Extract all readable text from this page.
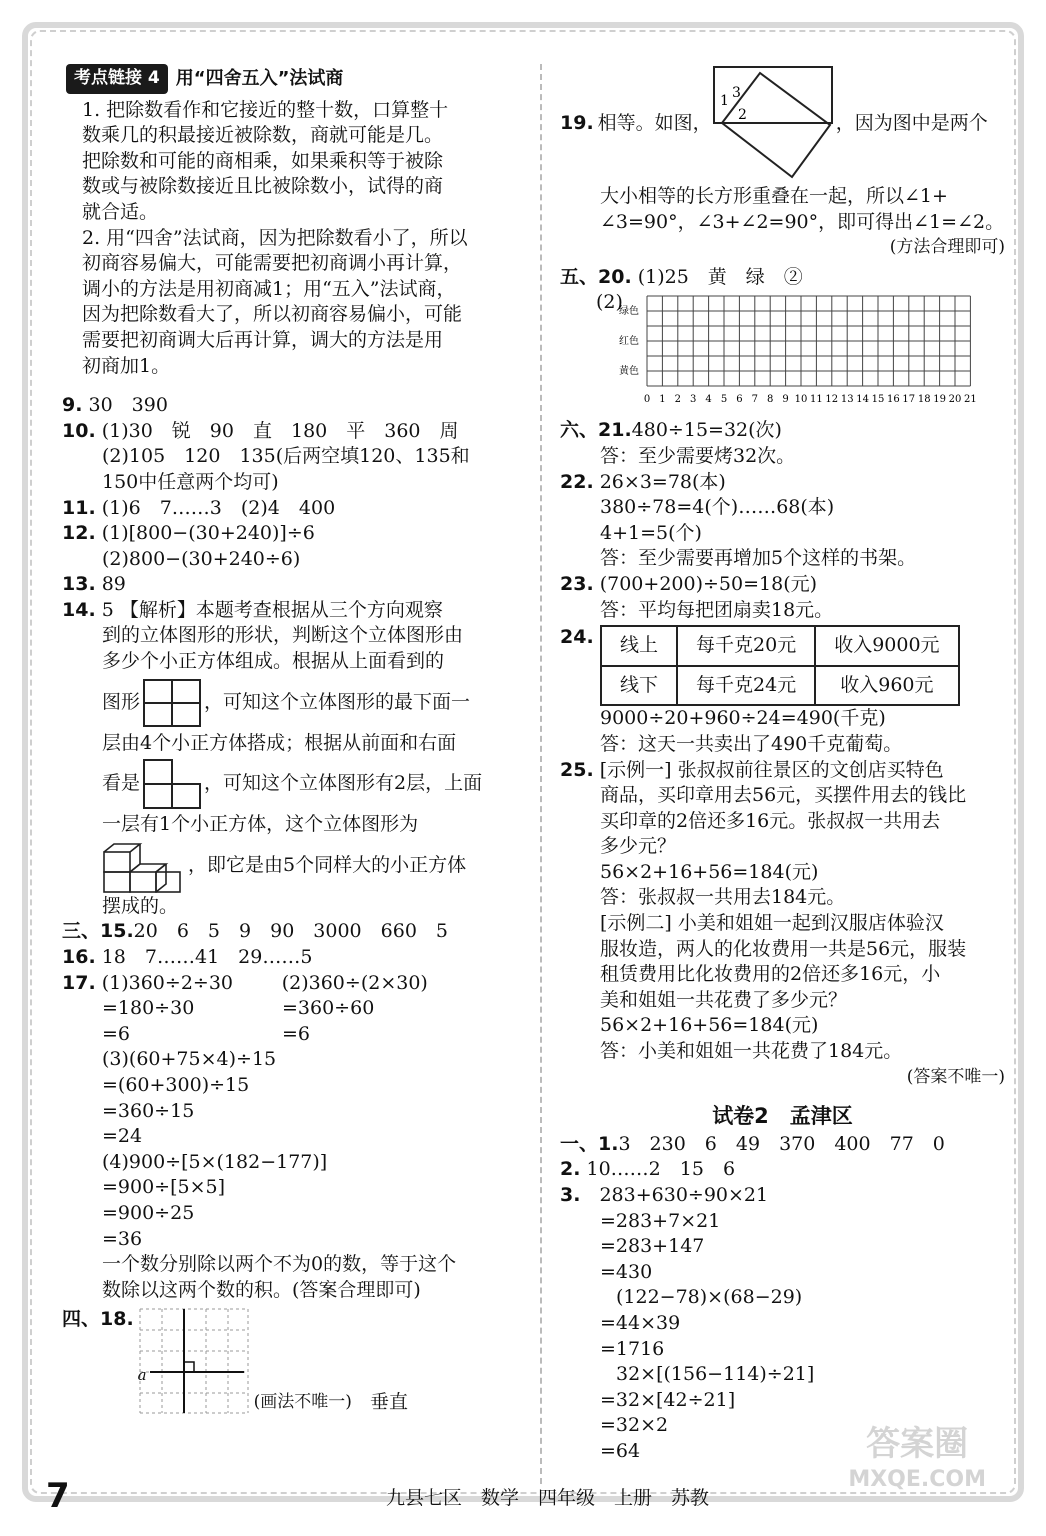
考点链接 4 用“四舍五入”法试商
1. 把除数看作和它接近的整十数，口算整十
数乘几的积最接近被除数，商就可能是几。
把除数和可能的商相乘，如果乘积等于被除
数或与被除数接近且比被除数小，试得的商
就合适。
2. 用“四舍”法试商，因为把除数看小了，所以
初商容易偏大，可能需要把初商调小再计算，
调小的方法是用初商减1；用“五入”法试商，
因为把除数看大了，所以初商容易偏小，可能
需要把初商调大后再计算，调大的方法是用
初商加1。
9. 30　390
10. (1)30　锐　90　直　180　平　360　周
(2)105　120　135(后两空填120、135和
150中任意两个均可)
11. (1)6　7……3　(2)4　400
12. (1)[800−(30+240)]÷6
(2)800−(30+240÷6)
13. 89
14. 5 【解析】本题考查根据从三个方向观察
到的立体图形的形状，判断这个立体图形由
多少个小正方体组成。根据从上面看到的
图形	，可知这个立体图形的最下面一
层由4个小正方体搭成；根据从前面和右面
看是	，可知这个立体图形有2层，上面
一层有1个小正方体，这个立体图形为
，即它是由5个同样大的小正方体
摆成的。
三、15.20　6　5　9　90　3000　660　5
16. 18　7……41　29……5
17. (1)360÷2÷30	(2)360÷(2×30)
=180÷30	=360÷60
=6	=6
(3)(60+75×4)÷15
=(60+300)÷15
=360÷15
=24
(4)900÷[5×(182−177)]
=900÷[5×5]
=900÷25
=36
一个数分别除以两个不为0的数，等于这个
数除以这两个数的积。(答案合理即可)
四、18.
a
(画法不唯一) 垂直
19. 相等。如图，
1 3
2	，因为图中是两个
大小相等的长方形重叠在一起，所以∠1+
∠3=90°，∠3+∠2=90°，即可得出∠1=∠2。
(方法合理即可)
五、20. (1)25　黄　绿　②
(2)
绿色
红色
黄色
0 1 2 3 4 5 6 7 8 9 10 11 12 13 14 15 16 17 18 19 20 21
六、21.480÷15=32(次)
答：至少需要烤32次。
22. 26×3=78(本)
380÷78=4(个)……68(本)
4+1=5(个)
答：至少需要再增加5个这样的书架。
23. (700+200)÷50=18(元)
答：平均每把团扇卖18元。
24.	线上	每千克20元	收入9000元
线下	每千克24元	收入960元
9000÷20+960÷24=490(千克)
答：这天一共卖出了490千克葡萄。
25. [示例一] 张叔叔前往景区的文创店买特色
商品，买印章用去56元，买摆件用去的钱比
买印章的2倍还多16元。张叔叔一共用去
多少元？
56×2+16+56=184(元)
答：张叔叔一共用去184元。
[示例二] 小美和姐姐一起到汉服店体验汉
服妆造，两人的化妆费用一共是56元，服装
租赁费用比化妆费用的2倍还多16元，小
美和姐姐一共花费了多少元？
56×2+16+56=184(元)
答：小美和姐姐一共花费了184元。
(答案不唯一)
试卷2　孟津区
一、1.3　230　6　49　370　400　77　0
2. 10……2　15　6
3.　 283+630÷90×21
=283+7×21
=283+147
=430
(122−78)×(68−29)
=44×39
=1716
32×[(156−114)÷21]
=32×[42÷21]
=32×2
=64
7	九县七区　数学　四年级　上册　苏教
答案圈
MXQE.COM
